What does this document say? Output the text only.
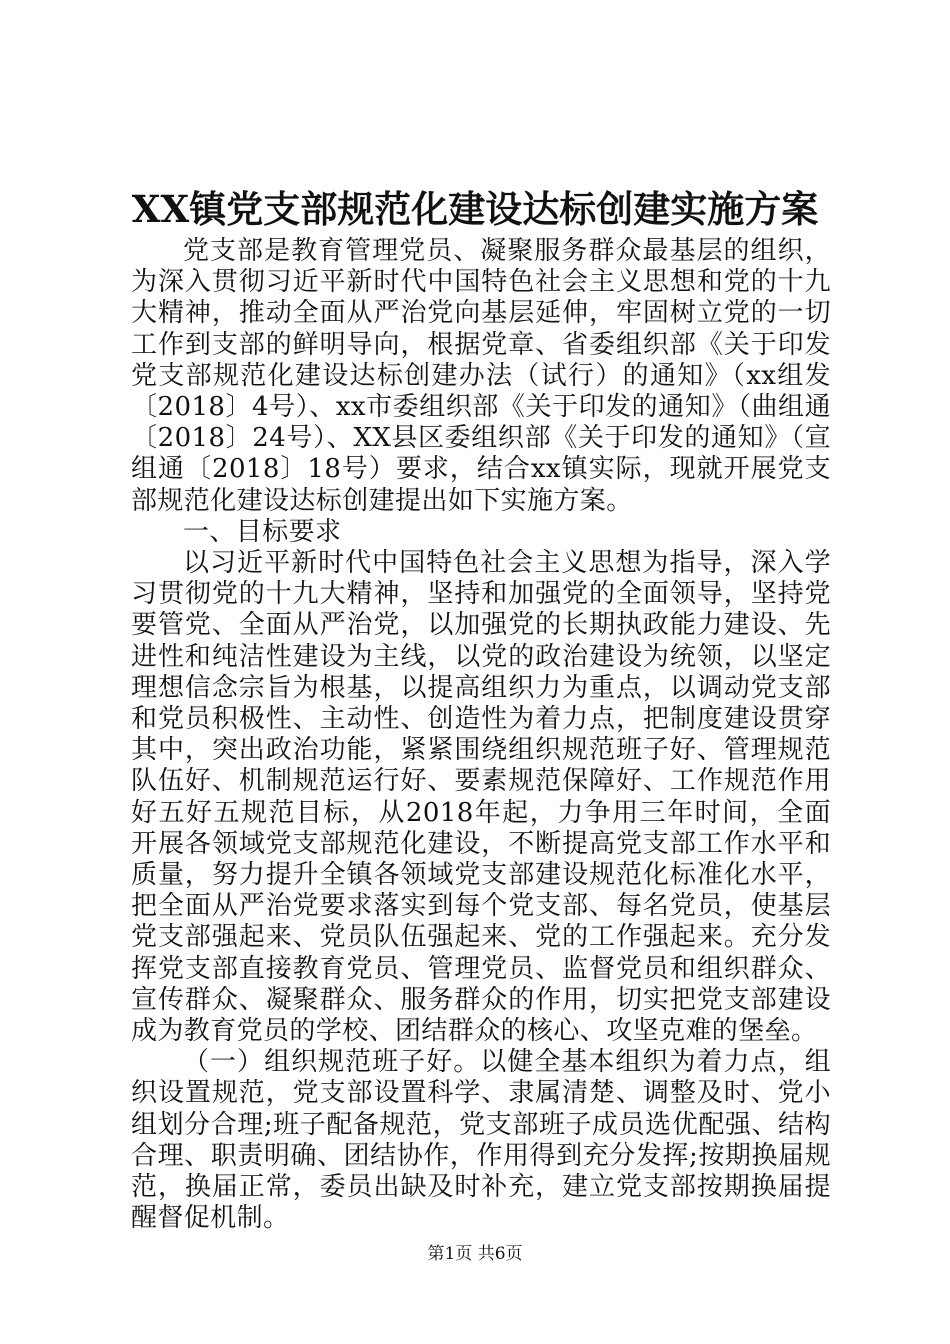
XX镇党支部规范化建设达标创建实施方案

党支部是教育管理党员、凝聚服务群众最基层的组织，为深入贯彻习近平新时代中国特色社会主义思想和党的十九大精神，推动全面从严治党向基层延伸，牢固树立党的一切工作到支部的鲜明导向，根据党章、省委组织部《关于印发党支部规范化建设达标创建办法（试行）的通知》（xx组发〔2018〕4号）、xx市委组织部《关于印发的通知》（曲组通〔2018〕24号）、XX县区委组织部《关于印发的通知》（宣组通〔2018〕18号）要求，结合xx镇实际，现就开展党支部规范化建设达标创建提出如下实施方案。

一、目标要求

以习近平新时代中国特色社会主义思想为指导，深入学习贯彻党的十九大精神，坚持和加强党的全面领导，坚持党要管党、全面从严治党，以加强党的长期执政能力建设、先进性和纯洁性建设为主线，以党的政治建设为统领，以坚定理想信念宗旨为根基，以提高组织力为重点，以调动党支部和党员积极性、主动性、创造性为着力点，把制度建设贯穿其中，突出政治功能，紧紧围绕组织规范班子好、管理规范队伍好、机制规范运行好、要素规范保障好、工作规范作用好五好五规范目标，从2018年起，力争用三年时间，全面开展各领域党支部规范化建设，不断提高党支部工作水平和质量，努力提升全镇各领域党支部建设规范化标准化水平，把全面从严治党要求落实到每个党支部、每名党员，使基层党支部强起来、党员队伍强起来、党的工作强起来。充分发挥党支部直接教育党员、管理党员、监督党员和组织群众、宣传群众、凝聚群众、服务群众的作用，切实把党支部建设成为教育党员的学校、团结群众的核心、攻坚克难的堡垒。

（一）组织规范班子好。以健全基本组织为着力点，组织设置规范，党支部设置科学、隶属清楚、调整及时、党小组划分合理;班子配备规范，党支部班子成员选优配强、结构合理、职责明确、团结协作，作用得到充分发挥;按期换届规范，换届正常，委员出缺及时补充，建立党支部按期换届提醒督促机制。

第1页 共6页
